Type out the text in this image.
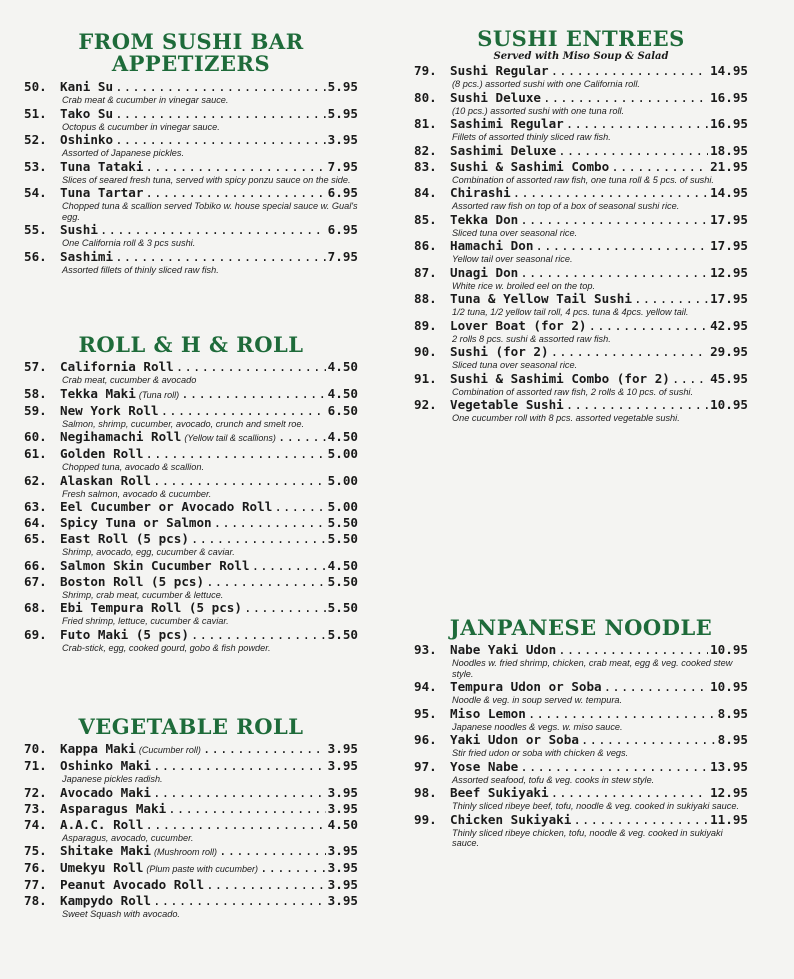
FROM SUSHI BAR
APPETIZERS
50.	Kani Su .....	5.95
Crab meat & cucumber in vinegar sauce.
51.	Tako Su .....	5.95
Octopus & cucumber in vinegar sauce.
52.	Oshinko .....	3.95
Assorted of Japanese pickles.
53.	Tuna Tataki .....	7.95
Slices of seared fresh tuna, served with spicy ponzu sauce on the side.
54.	Tuna Tartar .....	6.95
Chopped tuna & scallion served Tobiko w. house special sauce w. Gual's egg.
55.	Sushi .....	6.95
One California roll & 3 pcs sushi.
56.	Sashimi .....	7.95
Assorted fillets of thinly sliced raw fish.
ROLL & H & ROLL
57.	California Roll .....	4.50
Crab meat, cucumber & avocado
58.	Tekka Maki (Tuna roll) .....	4.50
59.	New York Roll .....	6.50
Salmon, shrimp, cucumber, avocado, crunch and smelt roe.
60.	Negihamachi Roll (Yellow tail & scallions) .....	4.50
61.	Golden Roll .....	5.00
Chopped tuna, avocado & scallion.
62.	Alaskan Roll .....	5.00
Fresh salmon, avocado & cucumber.
63.	Eel Cucumber or Avocado Roll .....	5.00
64.	Spicy Tuna or Salmon .....	5.50
65.	East Roll (5 pcs) .....	5.50
Shrimp, avocado, egg, cucumber & caviar.
66.	Salmon Skin Cucumber Roll .....	4.50
67.	Boston Roll (5 pcs) .....	5.50
Shrimp, crab meat, cucumber & lettuce.
68.	Ebi Tempura Roll (5 pcs) .....	5.50
Fried shrimp, lettuce, cucumber & caviar.
69.	Futo Maki (5 pcs) .....	5.50
Crab-stick, egg, cooked gourd, gobo & fish powder.
VEGETABLE ROLL
70.	Kappa Maki (Cucumber roll) .....	3.95
71.	Oshinko Maki .....	3.95
Japanese pickles radish.
72.	Avocado Maki .....	3.95
73.	Asparagus Maki .....	3.95
74.	A.A.C. Roll .....	4.50
Asparagus, avocado, cucumber.
75.	Shitake Maki (Mushroom roll) .....	3.95
76.	Umekyu Roll (Plum paste with cucumber) .....	3.95
77.	Peanut Avocado Roll .....	3.95
78.	Kampydo Roll .....	3.95
Sweet Squash with avocado.
SUSHI ENTREES
Served with Miso Soup & Salad
79.	Sushi Regular .....	14.95
(8 pcs.) assorted sushi with one California roll.
80.	Sushi Deluxe .....	16.95
(10 pcs.) assorted sushi with one tuna roll.
81.	Sashimi Regular .....	16.95
Fillets of assorted thinly sliced raw fish.
82.	Sashimi Deluxe .....	18.95
83.	Sushi & Sashimi Combo .....	21.95
Combination of assorted raw fish, one tuna roll & 5 pcs. of sushi.
84.	Chirashi .....	14.95
Assorted raw fish on top of a box of seasonal sushi rice.
85.	Tekka Don .....	17.95
Sliced tuna over seasonal rice.
86.	Hamachi Don .....	17.95
Yellow tail over seasonal rice.
87.	Unagi Don .....	12.95
White rice w. broiled eel on the top.
88.	Tuna & Yellow Tail Sushi .....	17.95
1/2 tuna, 1/2 yellow tail roll, 4 pcs. tuna & 4pcs. yellow tail.
89.	Lover Boat (for 2) .....	42.95
2 rolls 8 pcs. sushi & assorted raw fish.
90.	Sushi (for 2) .....	29.95
Sliced tuna over seasonal rice.
91.	Sushi & Sashimi Combo (for 2) .....	45.95
Combination of assorted raw fish, 2 rolls & 10 pcs. of sushi.
92.	Vegetable Sushi .....	10.95
One cucumber roll with 8 pcs. assorted vegetable sushi.
JANPANESE NOODLE
93.	Nabe Yaki Udon .....	10.95
Noodles w. fried shrimp, chicken, crab meat, egg & veg. cooked stew style.
94.	Tempura Udon or Soba .....	10.95
Noodle & veg. in soup served w. tempura.
95.	Miso Lemon .....	8.95
Japanese noodles & vegs. w. miso sauce.
96.	Yaki Udon or Soba .....	8.95
Stir fried udon or soba with chicken & vegs.
97.	Yose Nabe .....	13.95
Assorted seafood, tofu & veg. cooks in stew style.
98.	Beef Sukiyaki .....	12.95
Thinly sliced ribeye beef, tofu, noodle & veg. cooked in sukiyaki sauce.
99.	Chicken Sukiyaki .....	11.95
Thinly sliced ribeye chicken, tofu, noodle & veg. cooked in sukiyaki sauce.
